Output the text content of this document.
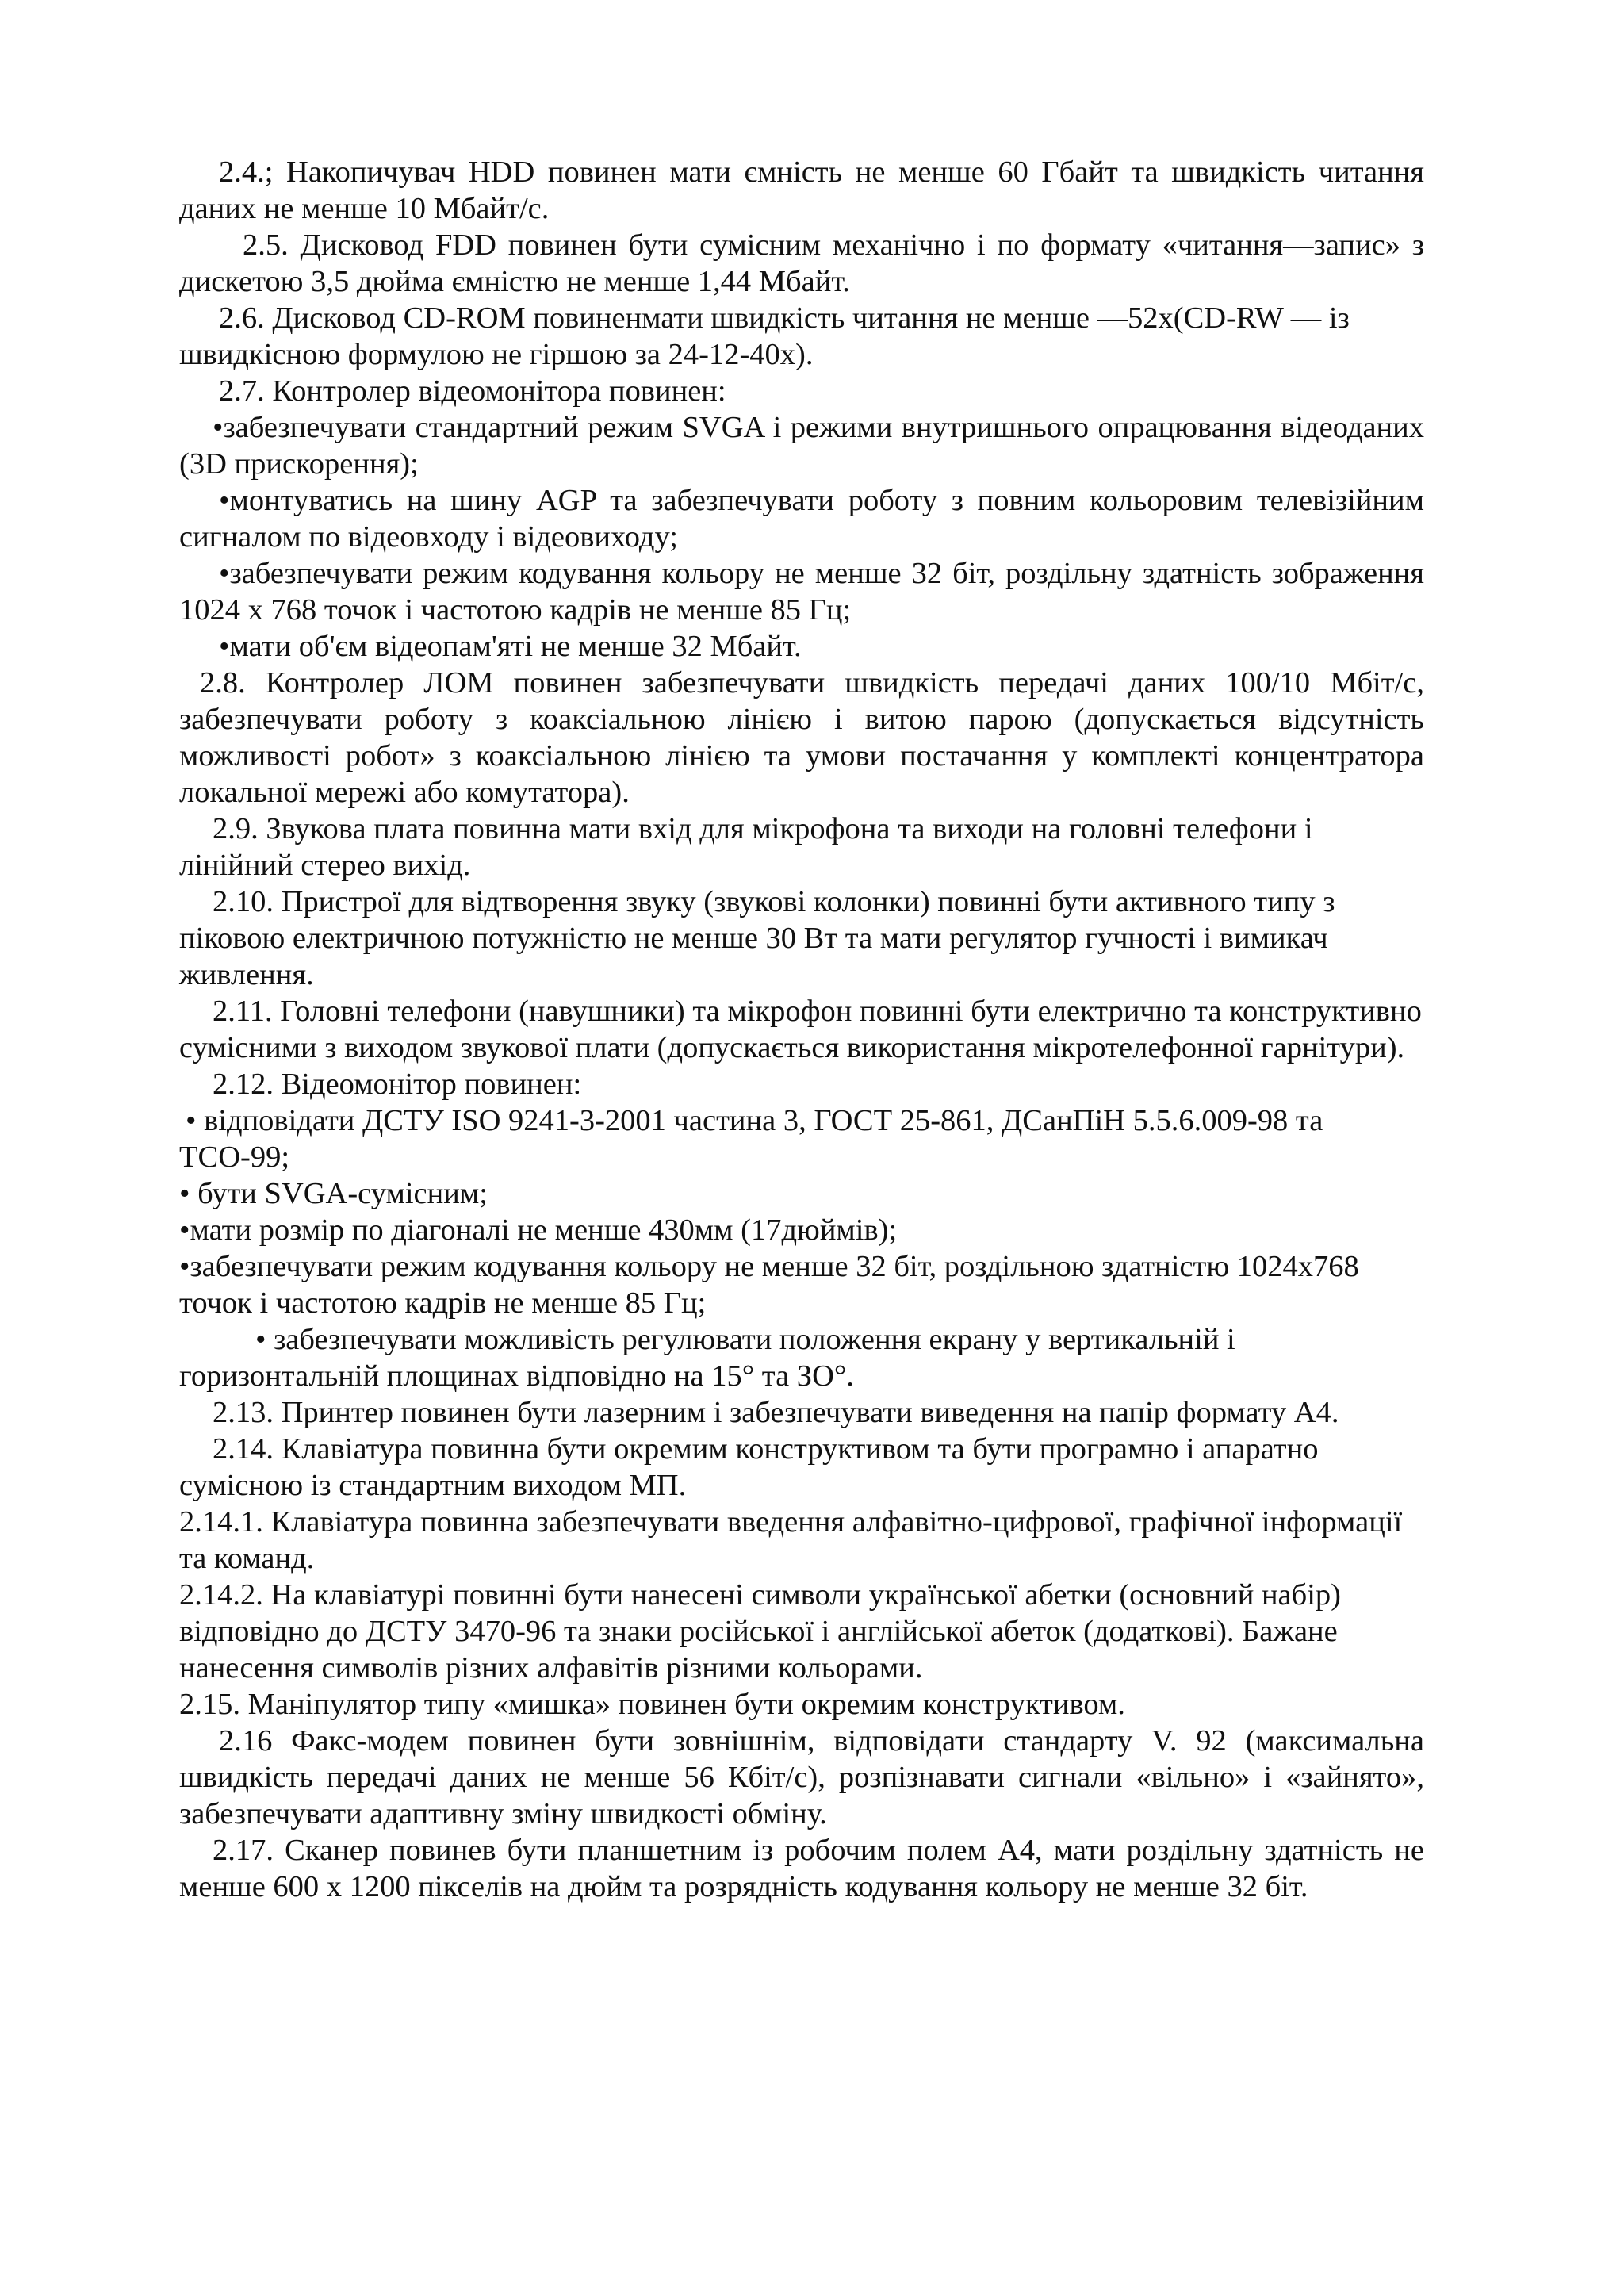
2.4.; Накопичувач HDD повинен мати ємність не менше 60 Гбайт та швидкість читання даних не менше 10 Мбайт/с.

2.5. Дисковод FDD повинен бути сумісним механічно і по формату «читання—запис» з дискетою 3,5 дюйма ємністю не менше 1,44 Мбайт.

2.6. Дисковод CD-ROM повиненмати швидкість читання не менше —52х(CD-RW — із швидкісною формулою не гіршою за 24-12-40х).

2.7. Контролер відеомонітора повинен:

•забезпечувати стандартний режим SVGA і режими внутришнього опрацювання відеоданих (3D прискорення);

•монтуватись на шину AGP та забезпечувати роботу з повним кольоровим телевізійним сигналом по відеовходу і відеовиходу;

•забезпечувати режим кодування кольору не менше 32 біт, роздільну здатність зображення 1024 х 768 точок і частотою кадрів не менше 85 Гц;

•мати об'єм відеопам'яті не менше 32 Мбайт.

2.8. Контролер ЛОМ повинен забезпечувати швидкість передачі даних 100/10 Мбіт/с, забезпечувати роботу з коаксіальною лінією і витою парою (допускається відсутність можливості робот» з коаксіальною лінією та умови постачання у комплекті концентратора локальної мережі або комутатора).

2.9. Звукова плата повинна мати вхід для мікрофона та виходи на головні телефони і лінійний стерео вихід.

2.10. Пристрої для відтворення звуку (звукові колонки) повинні бути активного типу з піковою електричною потужністю не менше 30 Вт та мати регулятор гучності і вимикач живлення.

2.11. Головні телефони (навушники) та мікрофон повинні бути електрично та конструктивно сумісними з виходом звукової плати (допускається використання мікротелефонної гарнітури).

2.12. Відеомонітор повинен:

• відповідати ДСТУ ISO 9241-3-2001 частина 3, ГОСТ 25-861, ДСанПіН 5.5.6.009-98 та ТСО-99;

• бути SVGA-сумісним;

•мати розмір по діагоналі не менше 430мм (17дюймів);

•забезпечувати режим кодування кольору не менше 32 біт, роздільною здатністю 1024x768 точок і частотою кадрів не менше 85 Гц;

• забезпечувати можливість регулювати положення екрану у вертикальній і горизонтальній площинах відповідно на 15° та ЗО°.

2.13. Принтер повинен бути лазерним і забезпечувати виведення на папір формату А4.

2.14. Клавіатура повинна бути окремим конструктивом та бути програмно і апаратно сумісною із стандартним виходом МП.

2.14.1. Клавіатура повинна забезпечувати введення алфавітно-цифрової, графічної інформації та команд.

2.14.2. На клавіатурі повинні бути нанесені символи української абетки (основний набір) відповідно до ДСТУ 3470-96 та знаки російської і англійської абеток (додаткові). Бажане нанесення символів різних алфавітів різними кольорами.

2.15. Маніпулятор типу «мишка» повинен бути окремим конструктивом.

2.16 Факс-модем повинен бути зовнішнім, відповідати стандарту V. 92 (максимальна швидкість передачі даних не менше 56 Кбіт/с), розпізнавати сигнали «вільно» і «зайнято», забезпечувати адаптивну зміну швидкості обміну.

2.17. Сканер повинев бути планшетним із робочим полем А4, мати роздільну здатність не менше 600 х 1200 пікселів на дюйм та розрядність кодування кольору не менше 32 біт.
